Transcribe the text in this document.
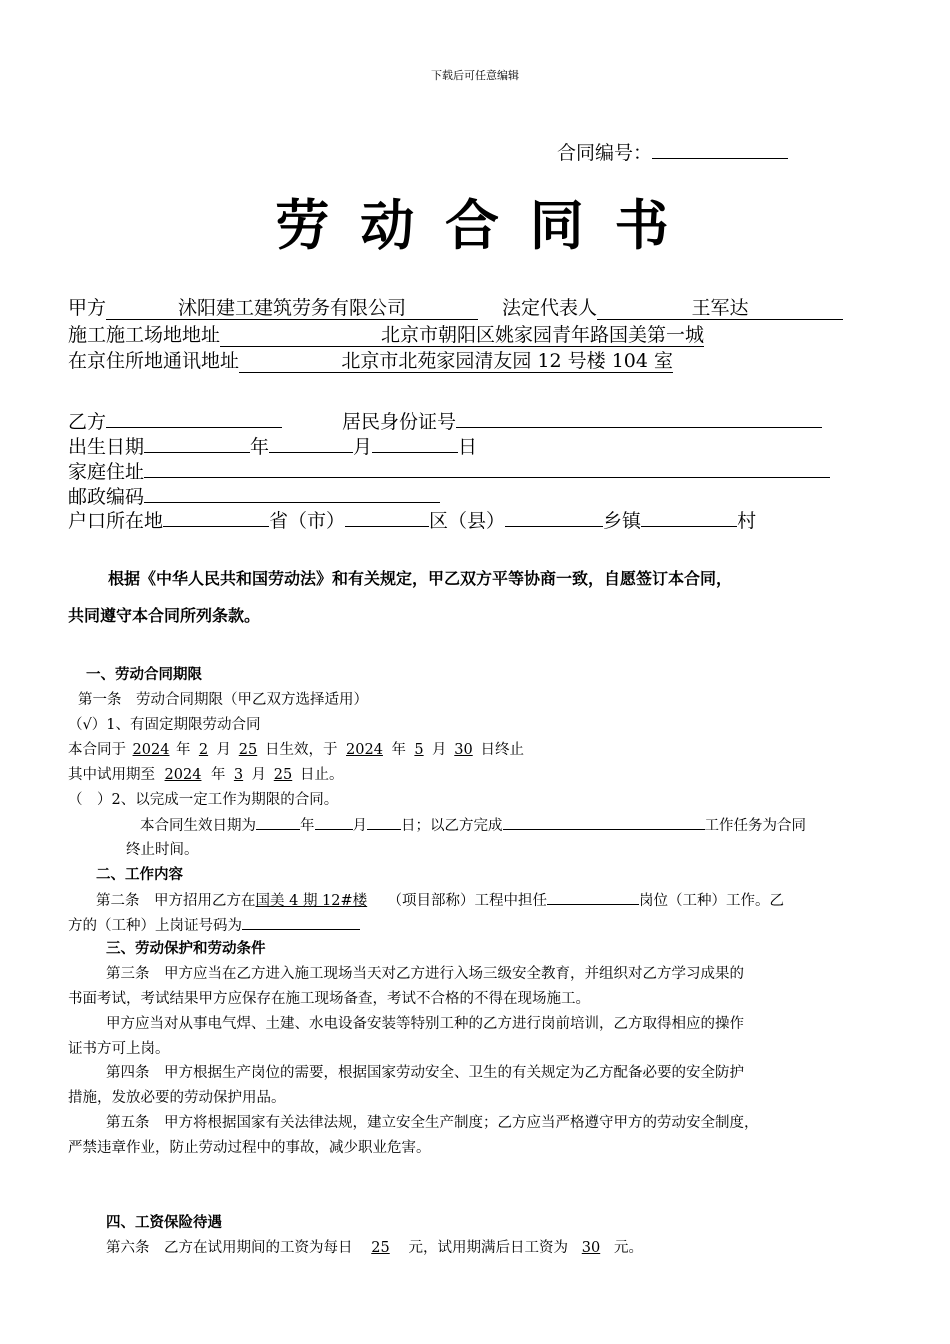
下载后可任意编辑
合同编号：
劳 动 合 同 书
甲方	沭阳建工建筑劳务有限公司	法定代表人	王军达
施工施工场地地址	北京市朝阳区姚家园青年路国美第一城
在京住所地通讯地址	北京市北苑家园清友园 12 号楼 104 室
乙方	居民身份证号
出生日期	年	月	日
家庭住址
邮政编码
户口所在地	省（市）	区（县）	乡镇	村
根据《中华人民共和国劳动法》和有关规定，甲乙双方平等协商一致，自愿签订本合同，
共同遵守本合同所列条款。
一、劳动合同期限
第一条　劳动合同期限（甲乙双方选择适用）
（√）1、有固定期限劳动合同
本合同于 2024 年 2 月 25 日生效，于 2024 年 5 月 30 日终止
其中试用期至 2024 年 3 月 25 日止。
（　）2、以完成一定工作为期限的合同。
本合同生效日期为	年	月 日；以乙方完成	工作任务为合同
终止时间。
二、工作内容
第二条　甲方招用乙方在国美 4 期 12#楼 （项目部称）工程中担任	岗位（工种）工作。乙
方的（工种）上岗证号码为
三、劳动保护和劳动条件
第三条　甲方应当在乙方进入施工现场当天对乙方进行入场三级安全教育，并组织对乙方学习成果的
书面考试，考试结果甲方应保存在施工现场备查，考试不合格的不得在现场施工。
甲方应当对从事电气焊、土建、水电设备安装等特别工种的乙方进行岗前培训，乙方取得相应的操作
证书方可上岗。
第四条　甲方根据生产岗位的需要，根据国家劳动安全、卫生的有关规定为乙方配备必要的安全防护
措施，发放必要的劳动保护用品。
第五条　甲方将根据国家有关法律法规，建立安全生产制度；乙方应当严格遵守甲方的劳动安全制度，
严禁违章作业，防止劳动过程中的事故，减少职业危害。
四、工资保险待遇
第六条　乙方在试用期间的工资为每日 25 元，试用期满后日工资为 30 元。
